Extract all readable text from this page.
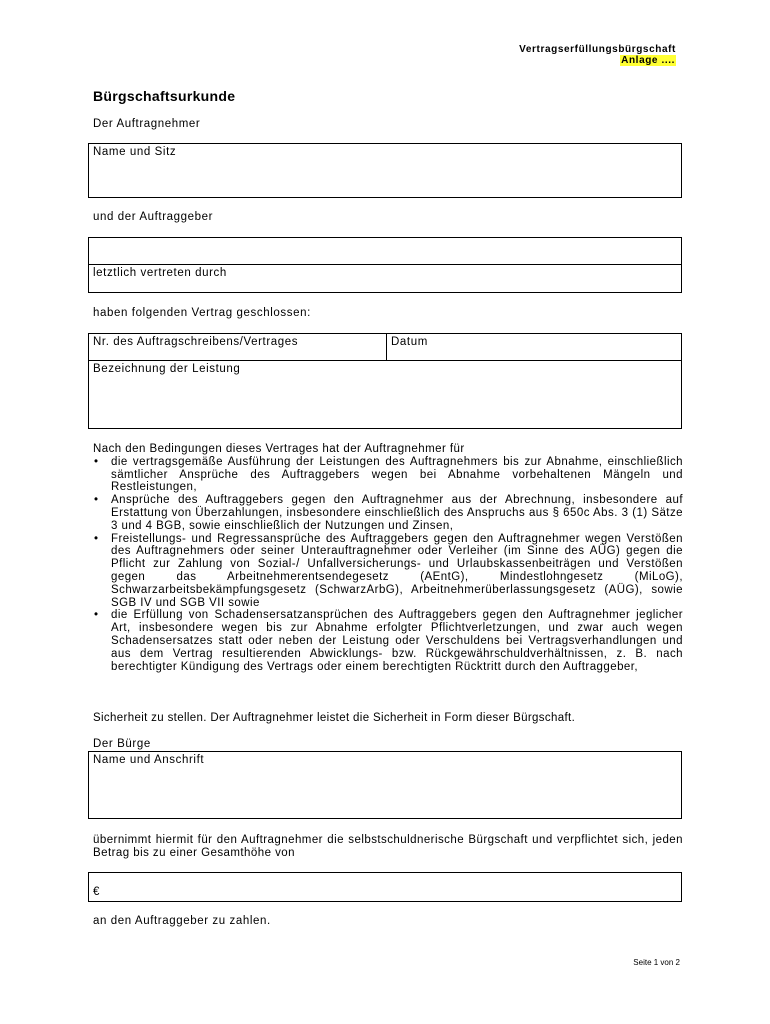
Vertragserfüllungsbürgschaft
Anlage ....
Bürgschaftsurkunde
Der Auftragnehmer
Name und Sitz
und der Auftraggeber
letztlich vertreten durch
haben folgenden Vertrag geschlossen:
Nr. des Auftragschreibens/Vertrages	Datum
Bezeichnung der Leistung
Nach den Bedingungen dieses Vertrages hat der Auftragnehmer für
• die vertragsgemäße Ausführung der Leistungen des Auftragnehmers bis zur Abnahme, einschließlich sämtlicher Ansprüche des Auftraggebers wegen bei Abnahme vorbehaltenen Mängeln und Restleistungen,
• Ansprüche des Auftraggebers gegen den Auftragnehmer aus der Abrechnung, insbesondere auf Erstattung von Überzahlungen, insbesondere einschließlich des Anspruchs aus § 650c Abs. 3 (1) Sätze 3 und 4 BGB, sowie einschließlich der Nutzungen und Zinsen,
• Freistellungs- und Regressansprüche des Auftraggebers gegen den Auftragnehmer wegen Verstößen des Auftragnehmers oder seiner Unterauftragnehmer oder Verleiher (im Sinne des AÜG) gegen die Pflicht zur Zahlung von Sozial-/ Unfallversicherungs- und Urlaubskassenbeiträgen und Verstößen gegen das Arbeitnehmerentsendegesetz (AEntG), Mindestlohngesetz (MiLoG), Schwarzarbeitsbekämpfungsgesetz (SchwarzArbG), Arbeitnehmerüberlassungsgesetz (AÜG), sowie SGB IV und SGB VII sowie
• die Erfüllung von Schadensersatzansprüchen des Auftraggebers gegen den Auftragnehmer jeglicher Art, insbesondere wegen bis zur Abnahme erfolgter Pflichtverletzungen, und zwar auch wegen Schadensersatzes statt oder neben der Leistung oder Verschuldens bei Vertragsverhandlungen und aus dem Vertrag resultierenden Abwicklungs- bzw. Rückgewährschuldverhältnissen, z. B. nach berechtigter Kündigung des Vertrags oder einem berechtigten Rücktritt durch den Auftraggeber,
Sicherheit zu stellen. Der Auftragnehmer leistet die Sicherheit in Form dieser Bürgschaft.
Der Bürge
Name und Anschrift
übernimmt hiermit für den Auftragnehmer die selbstschuldnerische Bürgschaft und verpflichtet sich, jeden Betrag bis zu einer Gesamthöhe von
€
an den Auftraggeber zu zahlen.
Seite 1 von 2
